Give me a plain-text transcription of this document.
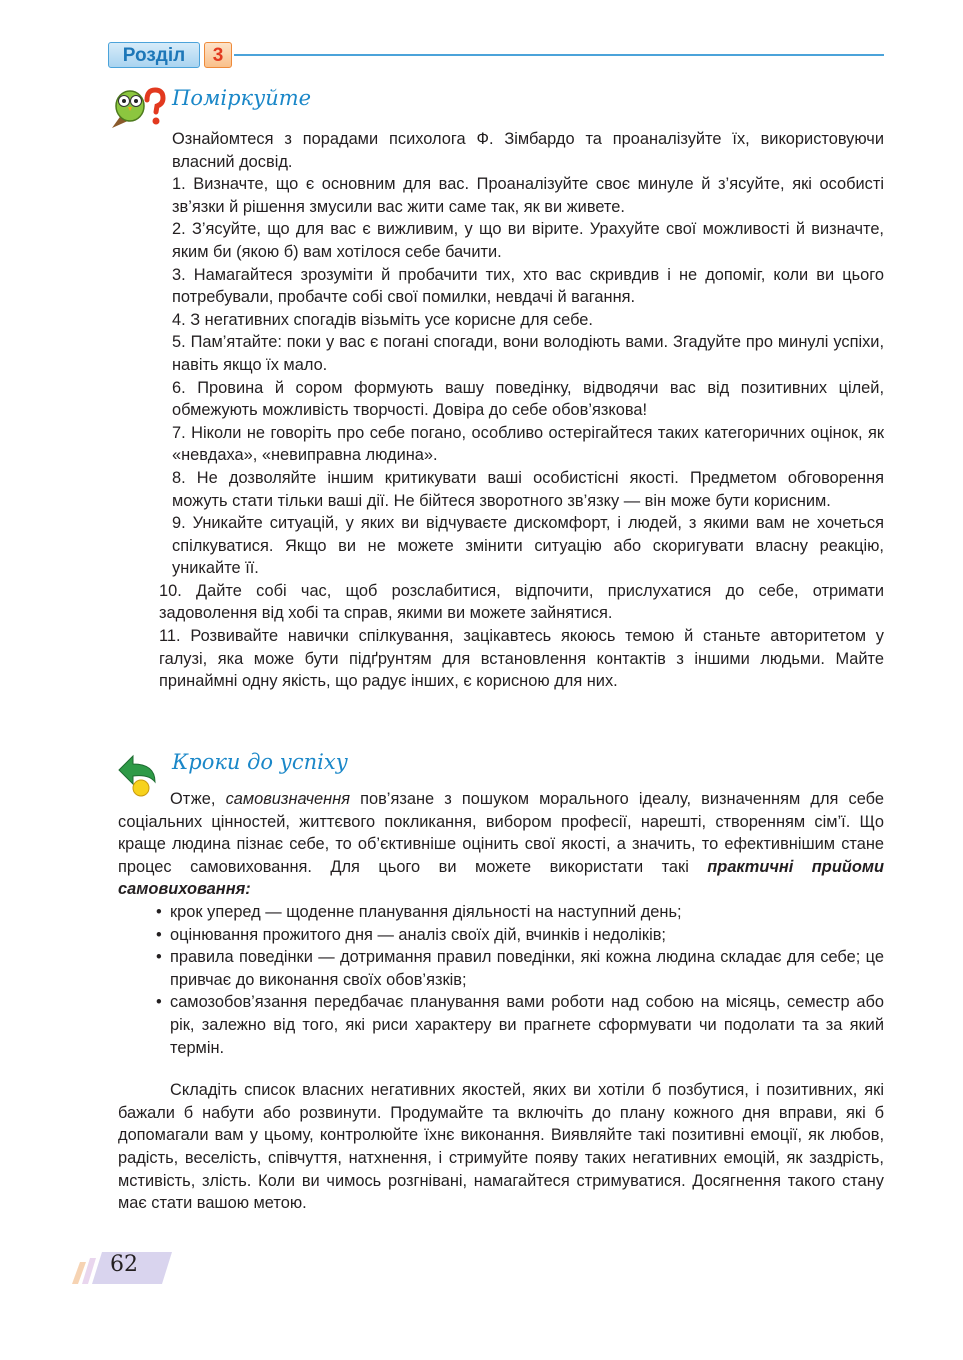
Розділ	3
Поміркуйте

Ознайомтеся з порадами психолога Ф. Зімбардо та проаналізуйте їх, використовуючи власний досвід.

1. Визначте, що є основним для вас. Проаналізуйте своє минуле й з’ясуйте, які особисті зв’язки й рішення змусили вас жити саме так, як ви живете.

2. З’ясуйте, що для вас є вижливим, у що ви вірите. Урахуйте свої можливості й визначте, яким би (якою б) вам хотілося себе бачити.

3. Намагайтеся зрозуміти й пробачити тих, хто вас скривдив і не допоміг, коли ви цього потребували, пробачте собі свої помилки, невдачі й вагання.

4. З негативних спогадів візьміть усе корисне для себе.

5. Пам’ятайте: поки у вас є погані спогади, вони володіють вами. Згадуйте про минулі успіхи, навіть якщо їх мало.

6. Провина й сором формують вашу поведінку, відводячи вас від позитивних цілей, обмежують можливість творчості. Довіра до себе обов’язкова!

7. Ніколи не говоріть про себе погано, особливо остерігайтеся таких категоричних оцінок, як «невдаха», «невиправна людина».

8. Не дозволяйте іншим критикувати ваші особистісні якості. Предметом обговорення можуть стати тільки ваші дії. Не бійтеся зворотного зв’язку — він може бути корисним.

9. Уникайте ситуацій, у яких ви відчуваєте дискомфорт, і людей, з якими вам не хочеться спілкуватися. Якщо ви не можете змінити ситуацію або скоригувати власну реакцію, уникайте її.

10. Дайте собі час, щоб розслабитися, відпочити, прислухатися до себе, отримати задоволення від хобі та справ, якими ви можете зайнятися.

11. Розвивайте навички спілкування, зацікавтесь якоюсь темою й станьте авторитетом у галузі, яка може бути підґрунтям для встановлення контактів з іншими людьми. Майте принаймні одну якість, що радує інших, є корисною для них.

Кроки до успіху

Отже, самовизначення пов’язане з пошуком морального ідеалу, визначенням для себе соціальних цінностей, життєвого покликання, вибором професії, нарешті, створенням сім’ї. Що краще людина пізнає себе, то об’єктивніше оцінить свої якості, а значить, то ефективнішим стане процес самовиховання. Для цього ви можете використати такі практичні прийоми самовиховання:

• крок уперед — щоденне планування діяльності на наступний день;
• оцінювання прожитого дня — аналіз своїх дій, вчинків і недоліків;
• правила поведінки — дотримання правил поведінки, які кожна людина складає для себе; це привчає до виконання своїх обов’язків;
• самозобов’язання передбачає планування вами роботи над собою на місяць, семестр або рік, залежно від того, які риси характеру ви прагнете сформувати чи подолати та за який термін.

Складіть список власних негативних якостей, яких ви хотіли б позбутися, і позитивних, які бажали б набути або розвинути. Продумайте та включіть до плану кожного дня вправи, які б допомагали вам у цьому, контролюйте їхнє виконання. Виявляйте такі позитивні емоції, як любов, радість, веселість, співчуття, натхнення, і стримуйте появу таких негативних емоцій, як заздрість, мстивість, злість. Коли ви чимось розгнівані, намагайтеся стримуватися. Досягнення такого стану має стати вашою метою.

62
